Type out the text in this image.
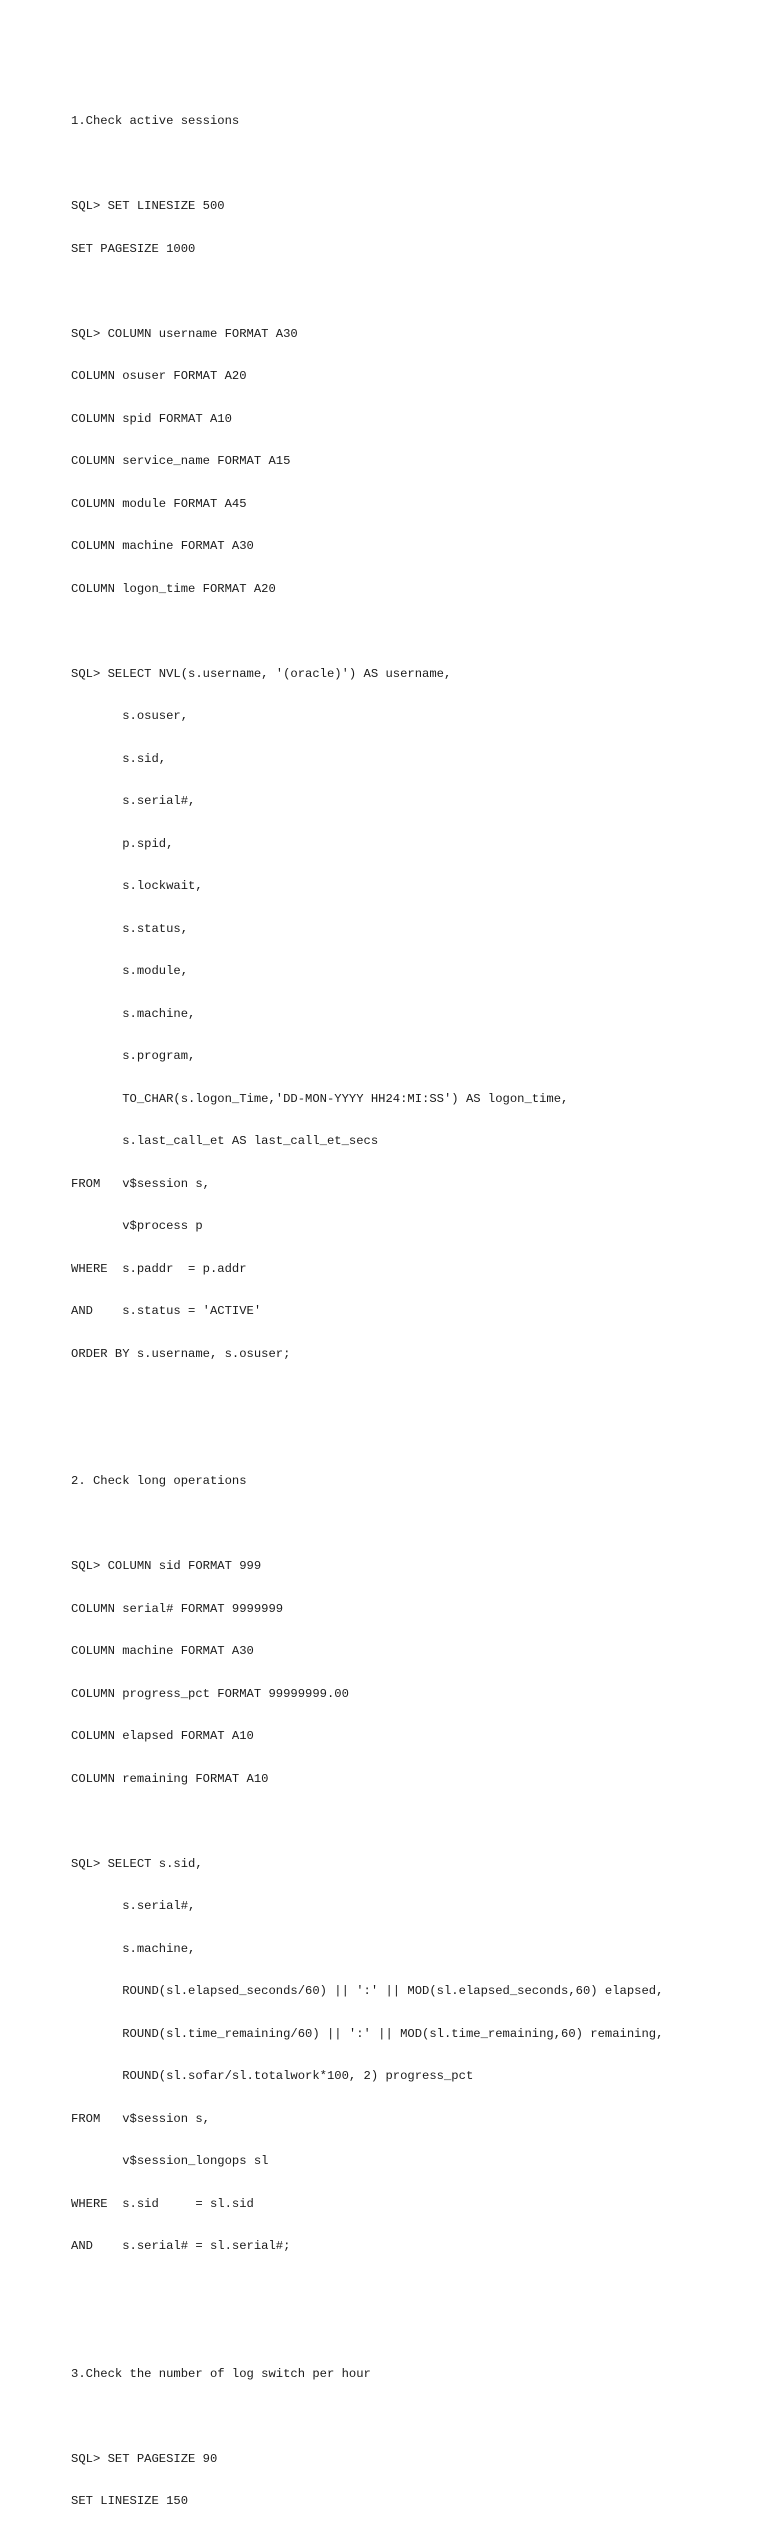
1.Check active sessions

SQL> SET LINESIZE 500

SET PAGESIZE 1000

SQL> COLUMN username FORMAT A30

COLUMN osuser FORMAT A20

COLUMN spid FORMAT A10

COLUMN service_name FORMAT A15

COLUMN module FORMAT A45

COLUMN machine FORMAT A30

COLUMN logon_time FORMAT A20

SQL> SELECT NVL(s.username, '(oracle)') AS username,

s.osuser,

s.sid,

s.serial#,

p.spid,

s.lockwait,

s.status,

s.module,

s.machine,

s.program,

TO_CHAR(s.logon_Time,'DD-MON-YYYY HH24:MI:SS') AS logon_time,

s.last_call_et AS last_call_et_secs

FROM   v$session s,

v$process p

WHERE  s.paddr  = p.addr

AND    s.status = 'ACTIVE'

ORDER BY s.username, s.osuser;

2. Check long operations

SQL> COLUMN sid FORMAT 999

COLUMN serial# FORMAT 9999999

COLUMN machine FORMAT A30

COLUMN progress_pct FORMAT 99999999.00

COLUMN elapsed FORMAT A10

COLUMN remaining FORMAT A10

SQL> SELECT s.sid,

s.serial#,

s.machine,

ROUND(sl.elapsed_seconds/60) || ':' || MOD(sl.elapsed_seconds,60) elapsed,

ROUND(sl.time_remaining/60) || ':' || MOD(sl.time_remaining,60) remaining,

ROUND(sl.sofar/sl.totalwork*100, 2) progress_pct

FROM   v$session s,

v$session_longops sl

WHERE  s.sid     = sl.sid

AND    s.serial# = sl.serial#;

3.Check the number of log switch per hour

SQL> SET PAGESIZE 90

SET LINESIZE 150
